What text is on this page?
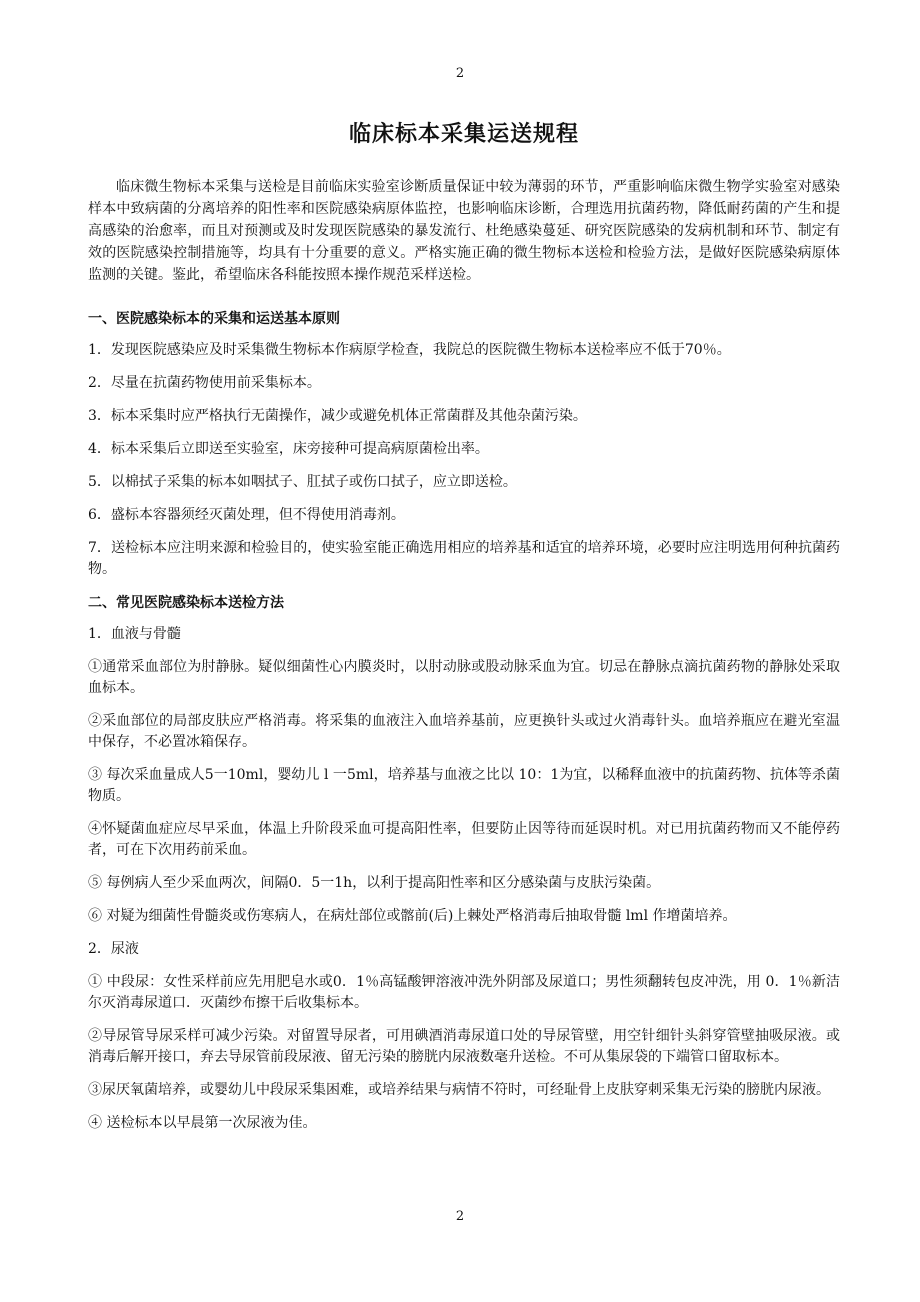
2
临床标本采集运送规程

临床微生物标本采集与送检是目前临床实验室诊断质量保证中较为薄弱的环节，严重影响临床微生物学实验室对感染样本中致病菌的分离培养的阳性率和医院感染病原体监控，也影响临床诊断，合理选用抗菌药物，降低耐药菌的产生和提高感染的治愈率，而且对预测或及时发现医院感染的暴发流行、杜绝感染蔓延、研究医院感染的发病机制和环节、制定有效的医院感染控制措施等，均具有十分重要的意义。严格实施正确的微生物标本送检和检验方法，是做好医院感染病原体监测的关键。鉴此，希望临床各科能按照本操作规范采样送检。

一、医院感染标本的采集和运送基本原则

1．发现医院感染应及时采集微生物标本作病原学检查，我院总的医院微生物标本送检率应不低于70％。

2．尽量在抗菌药物使用前采集标本。

3．标本采集时应严格执行无菌操作，减少或避免机体正常菌群及其他杂菌污染。

4．标本采集后立即送至实验室，床旁接种可提高病原菌检出率。

5．以棉拭子采集的标本如咽拭子、肛拭子或伤口拭子，应立即送检。

6．盛标本容器须经灭菌处理，但不得使用消毒剂。

7．送检标本应注明来源和检验目的，使实验室能正确选用相应的培养基和适宜的培养环境，必要时应注明选用何种抗菌药物。

二、常见医院感染标本送检方法
1．血液与骨髓

①通常采血部位为肘静脉。疑似细菌性心内膜炎时，以肘动脉或股动脉采血为宜。切忌在静脉点滴抗菌药物的静脉处采取血标本。

②采血部位的局部皮肤应严格消毒。将采集的血液注入血培养基前，应更换针头或过火消毒针头。血培养瓶应在避光室温中保存，不必置冰箱保存。

③ 每次采血量成人5一10ml，婴幼儿 l 一5ml，培养基与血液之比以 10：1为宜，以稀释血液中的抗菌药物、抗体等杀菌物质。

④怀疑菌血症应尽早采血，体温上升阶段采血可提高阳性率，但要防止因等待而延误时机。对已用抗菌药物而又不能停药者，可在下次用药前采血。

⑤ 每例病人至少采血两次，间隔0．5一1h，以利于提高阳性率和区分感染菌与皮肤污染菌。

⑥ 对疑为细菌性骨髓炎或伤寒病人，在病灶部位或髂前(后)上棘处严格消毒后抽取骨髓 lml 作增菌培养。

2．尿液

① 中段尿：女性采样前应先用肥皂水或0．1％高锰酸钾溶液冲洗外阴部及尿道口；男性须翻转包皮冲洗，用 0．1％新洁尔灭消毒尿道口．灭菌纱布擦干后收集标本。

②导尿管导尿采样可减少污染。对留置导尿者，可用碘酒消毒尿道口处的导尿管壁，用空针细针头斜穿管壁抽吸尿液。或消毒后解开接口，弃去导尿管前段尿液、留无污染的膀胱内尿液数毫升送检。不可从集尿袋的下端管口留取标本。

③尿厌氧菌培养，或婴幼儿中段尿采集困难，或培养结果与病情不符时，可经耻骨上皮肤穿刺采集无污染的膀胱内尿液。

④ 送检标本以早晨第一次尿液为佳。

2
